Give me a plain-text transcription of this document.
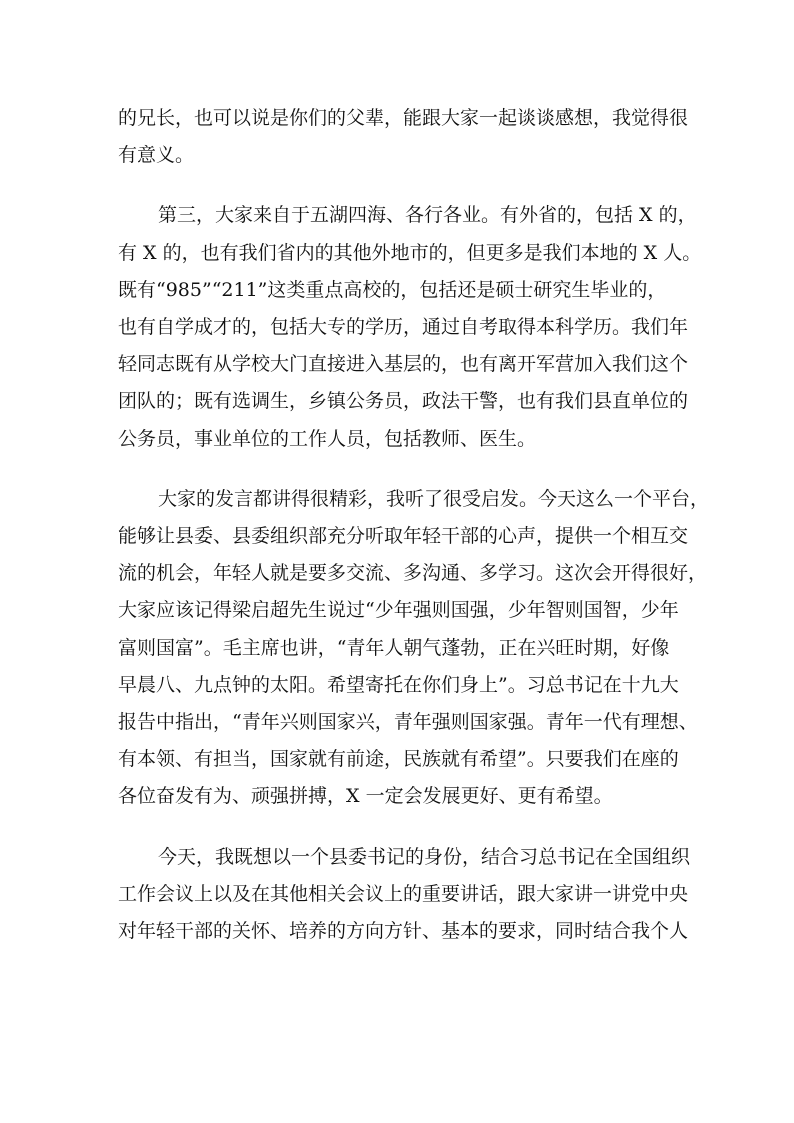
的兄长，也可以说是你们的父辈，能跟大家一起谈谈感想，我觉得很
有意义。
第三，大家来自于五湖四海、各行各业。有外省的，包括 X 的，
有 X 的，也有我们省内的其他外地市的，但更多是我们本地的 X 人。
既有“985”“211”这类重点高校的，包括还是硕士研究生毕业的，
也有自学成才的，包括大专的学历，通过自考取得本科学历。我们年
轻同志既有从学校大门直接进入基层的，也有离开军营加入我们这个
团队的；既有选调生，乡镇公务员，政法干警，也有我们县直单位的
公务员，事业单位的工作人员，包括教师、医生。
大家的发言都讲得很精彩，我听了很受启发。今天这么一个平台，
能够让县委、县委组织部充分听取年轻干部的心声，提供一个相互交
流的机会，年轻人就是要多交流、多沟通、多学习。这次会开得很好，
大家应该记得梁启超先生说过“少年强则国强，少年智则国智，少年
富则国富”。毛主席也讲，“青年人朝气蓬勃，正在兴旺时期，好像
早晨八、九点钟的太阳。希望寄托在你们身上”。习总书记在十九大
报告中指出，“青年兴则国家兴，青年强则国家强。青年一代有理想、
有本领、有担当，国家就有前途，民族就有希望”。只要我们在座的
各位奋发有为、顽强拼搏，X 一定会发展更好、更有希望。
今天，我既想以一个县委书记的身份，结合习总书记在全国组织
工作会议上以及在其他相关会议上的重要讲话，跟大家讲一讲党中央
对年轻干部的关怀、培养的方向方针、基本的要求，同时结合我个人
